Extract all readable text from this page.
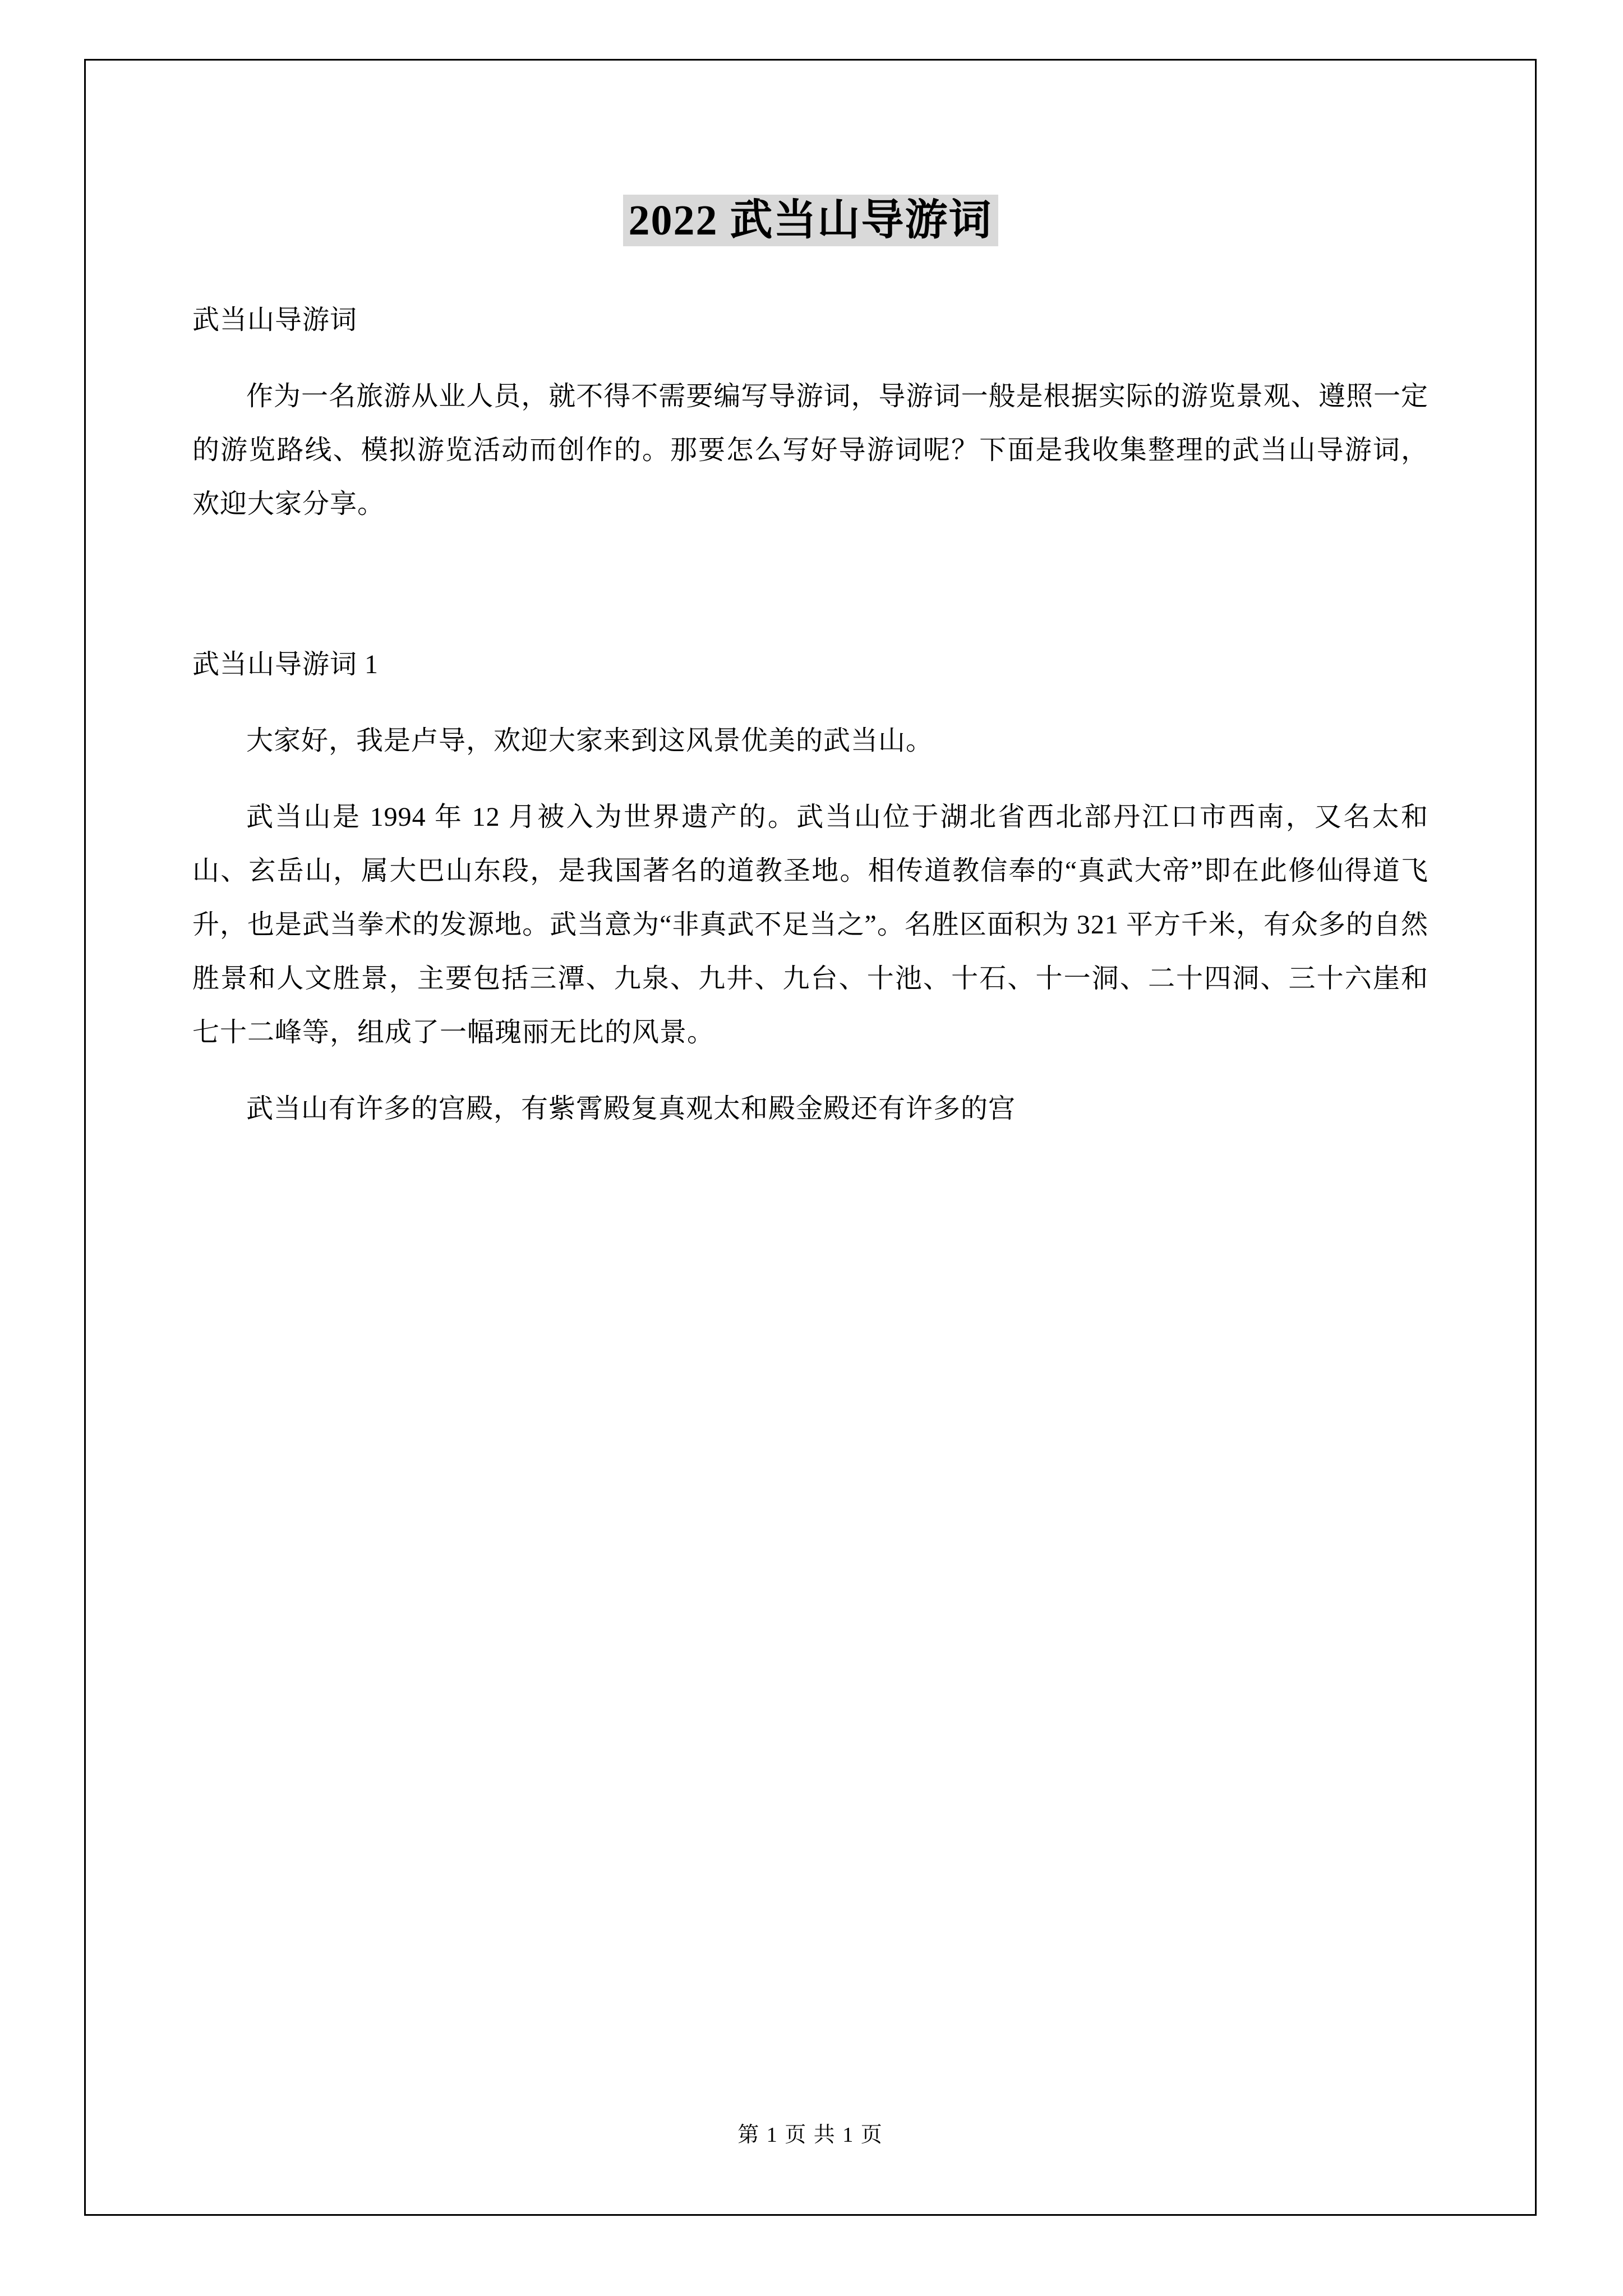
2022 武当山导游词

武当山导游词

作为一名旅游从业人员，就不得不需要编写导游词，导游词一般是根据实际的游览景观、遵照一定的游览路线、模拟游览活动而创作的。那要怎么写好导游词呢？下面是我收集整理的武当山导游词，欢迎大家分享。

武当山导游词 1

大家好，我是卢导，欢迎大家来到这风景优美的武当山。

武当山是 1994 年 12 月被入为世界遗产的。武当山位于湖北省西北部丹江口市西南，又名太和山、玄岳山，属大巴山东段，是我国著名的道教圣地。相传道教信奉的“真武大帝”即在此修仙得道飞升，也是武当拳术的发源地。武当意为“非真武不足当之”。名胜区面积为 321 平方千米，有众多的自然胜景和人文胜景，主要包括三潭、九泉、九井、九台、十池、十石、十一洞、二十四洞、三十六崖和七十二峰等，组成了一幅瑰丽无比的风景。

武当山有许多的宫殿，有紫霄殿复真观太和殿金殿还有许多的宫

第 1 页 共 1 页
